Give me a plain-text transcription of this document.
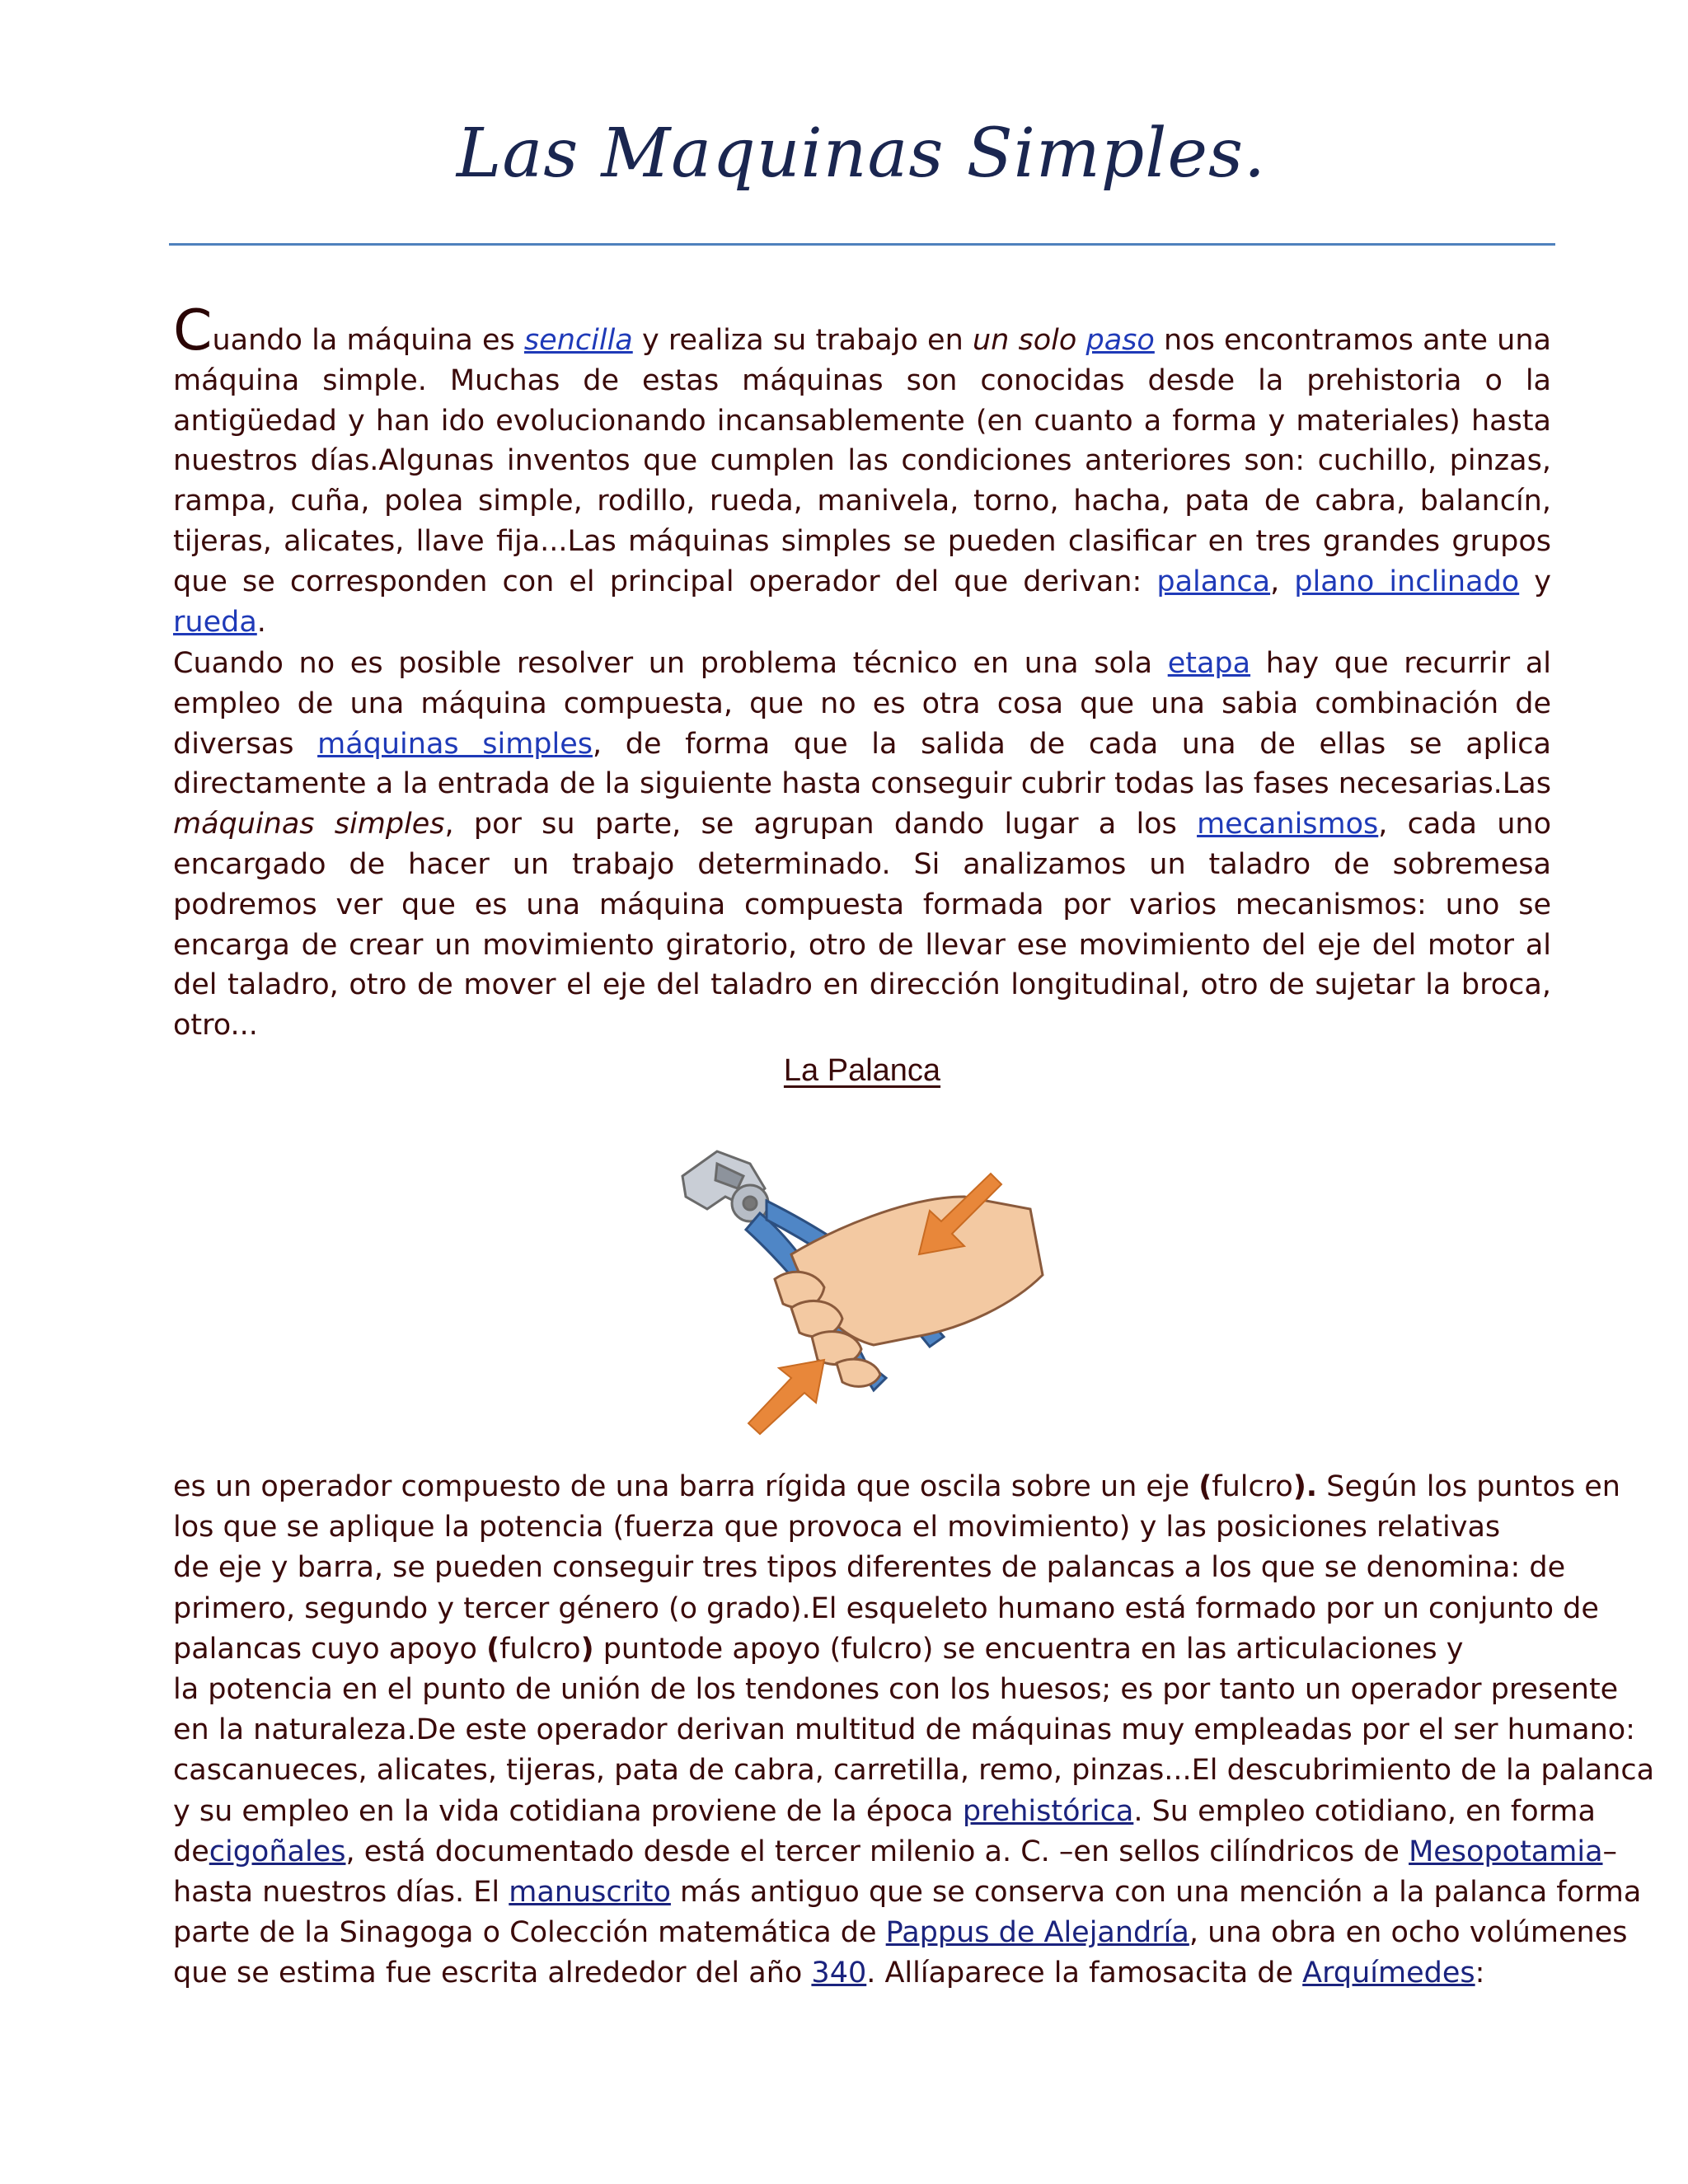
Las Maquinas Simples.

Cuando la máquina es sencilla y realiza su trabajo en un solo paso nos encontramos ante una máquina simple. Muchas de estas máquinas son conocidas desde la prehistoria o la antigüedad y han ido evolucionando incansablemente (en cuanto a forma y materiales) hasta nuestros días.Algunas inventos que cumplen las condiciones anteriores son: cuchillo, pinzas, rampa, cuña, polea simple, rodillo, rueda, manivela, torno, hacha, pata de cabra, balancín, tijeras, alicates, llave fija...Las máquinas simples se pueden clasificar en tres grandes grupos que se corresponden con el principal operador del que derivan: palanca, plano inclinado y rueda.

Cuando no es posible resolver un problema técnico en una sola etapa hay que recurrir al empleo de una máquina compuesta, que no es otra cosa que una sabia combinación de diversas máquinas simples, de forma que la salida de cada una de ellas se aplica directamente a la entrada de la siguiente hasta conseguir cubrir todas las fases necesarias.Las máquinas simples, por su parte, se agrupan dando lugar a los mecanismos, cada uno encargado de hacer un trabajo determinado. Si analizamos un taladro de sobremesa podremos ver que es una máquina compuesta formada por varios mecanismos: uno se encarga de crear un movimiento giratorio, otro de llevar ese movimiento del eje del motor al del taladro, otro de mover el eje del taladro en dirección longitudinal, otro de sujetar la broca, otro...

La Palanca
es un operador compuesto de una barra rígida que oscila sobre un eje (fulcro). Según los puntos en
los que se aplique la potencia (fuerza que provoca el movimiento) y las posiciones relativas
de eje y barra, se pueden conseguir tres tipos diferentes de palancas a los que se denomina: de
primero, segundo y tercer género (o grado).El esqueleto humano está formado por un conjunto de
palancas cuyo apoyo (fulcro) puntode apoyo (fulcro) se encuentra en las articulaciones y
la potencia en el punto de unión de los tendones con los huesos; es por tanto un operador presente
en la naturaleza.De este operador derivan multitud de máquinas muy empleadas por el ser humano:
cascanueces, alicates, tijeras, pata de cabra, carretilla, remo, pinzas...El descubrimiento de la palanca
y su empleo en la vida cotidiana proviene de la época prehistórica. Su empleo cotidiano, en forma
decigoñales, está documentado desde el tercer milenio a. C. –en sellos cilíndricos de Mesopotamia–
hasta nuestros días. El manuscrito más antiguo que se conserva con una mención a la palanca forma
parte de la Sinagoga o Colección matemática de Pappus de Alejandría, una obra en ocho volúmenes
que se estima fue escrita alrededor del año 340. Allíaparece la famosacita de Arquímedes:
